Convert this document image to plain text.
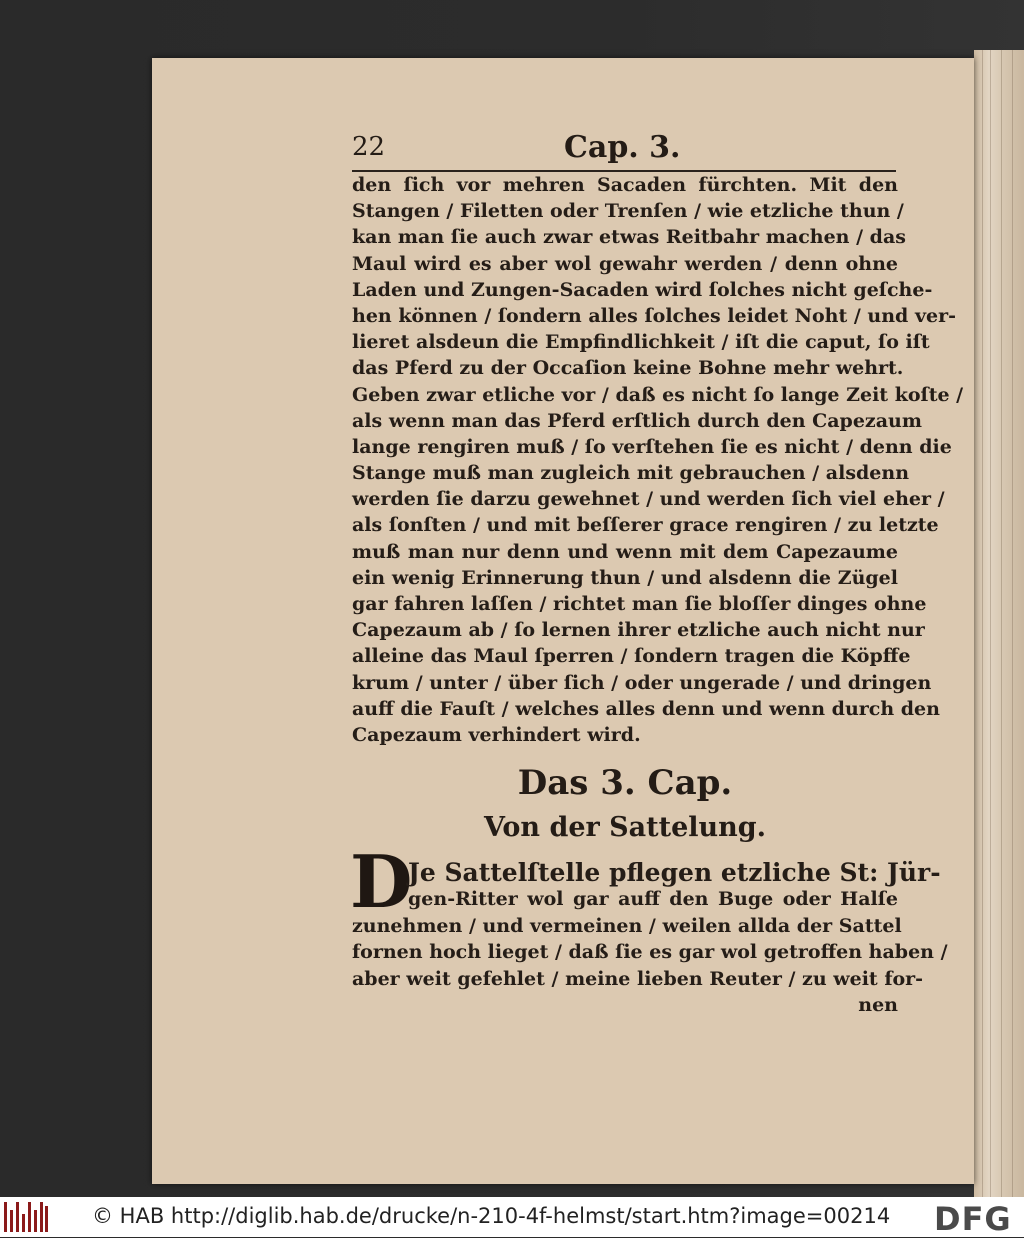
22	Cap. 3.
den ſich vor mehren Sacaden fürchten. Mit den
Stangen / Filetten oder Trenſen / wie etzliche thun /
kan man ſie auch zwar etwas Reitbahr machen / das
Maul wird es aber wol gewahr werden / denn ohne
Laden und Zungen-Sacaden wird ſolches nicht geſche-
hen können / ſondern alles ſolches leidet Noht / und ver-
lieret alsdeun die Empfindlichkeit / iſt die caput, ſo iſt
das Pferd zu der Occaſion keine Bohne mehr wehrt.
Geben zwar etliche vor / daß es nicht ſo lange Zeit koſte /
als wenn man das Pferd erſtlich durch den Capezaum
lange rengiren muß / ſo verſtehen ſie es nicht / denn die
Stange muß man zugleich mit gebrauchen / alsdenn
werden ſie darzu gewehnet / und werden ſich viel eher /
als ſonſten / und mit beſſerer grace rengiren / zu letzte
muß man nur denn und wenn mit dem Capezaume
ein wenig Erinnerung thun / und alsdenn die Zügel
gar fahren laſſen / richtet man ſie bloſſer dinges ohne
Capezaum ab / ſo lernen ihrer etzliche auch nicht nur
alleine das Maul ſperren / ſondern tragen die Köpffe
krum / unter / über ſich / oder ungerade / und dringen
auff die Fauſt / welches alles denn und wenn durch den
Capezaum verhindert wird.
Das 3. Cap.
Von der Sattelung.
D
Je Sattelſtelle pflegen etzliche St: Jür-
gen-Ritter wol gar auff den Buge oder Halſe
zunehmen / und vermeinen / weilen allda der Sattel
fornen hoch lieget / daß ſie es gar wol getroffen haben /
aber weit gefehlet / meine lieben Reuter / zu weit for-
nen
© HAB http://diglib.hab.de/drucke/n-210-4f-helmst/start.htm?image=00214 DFG
